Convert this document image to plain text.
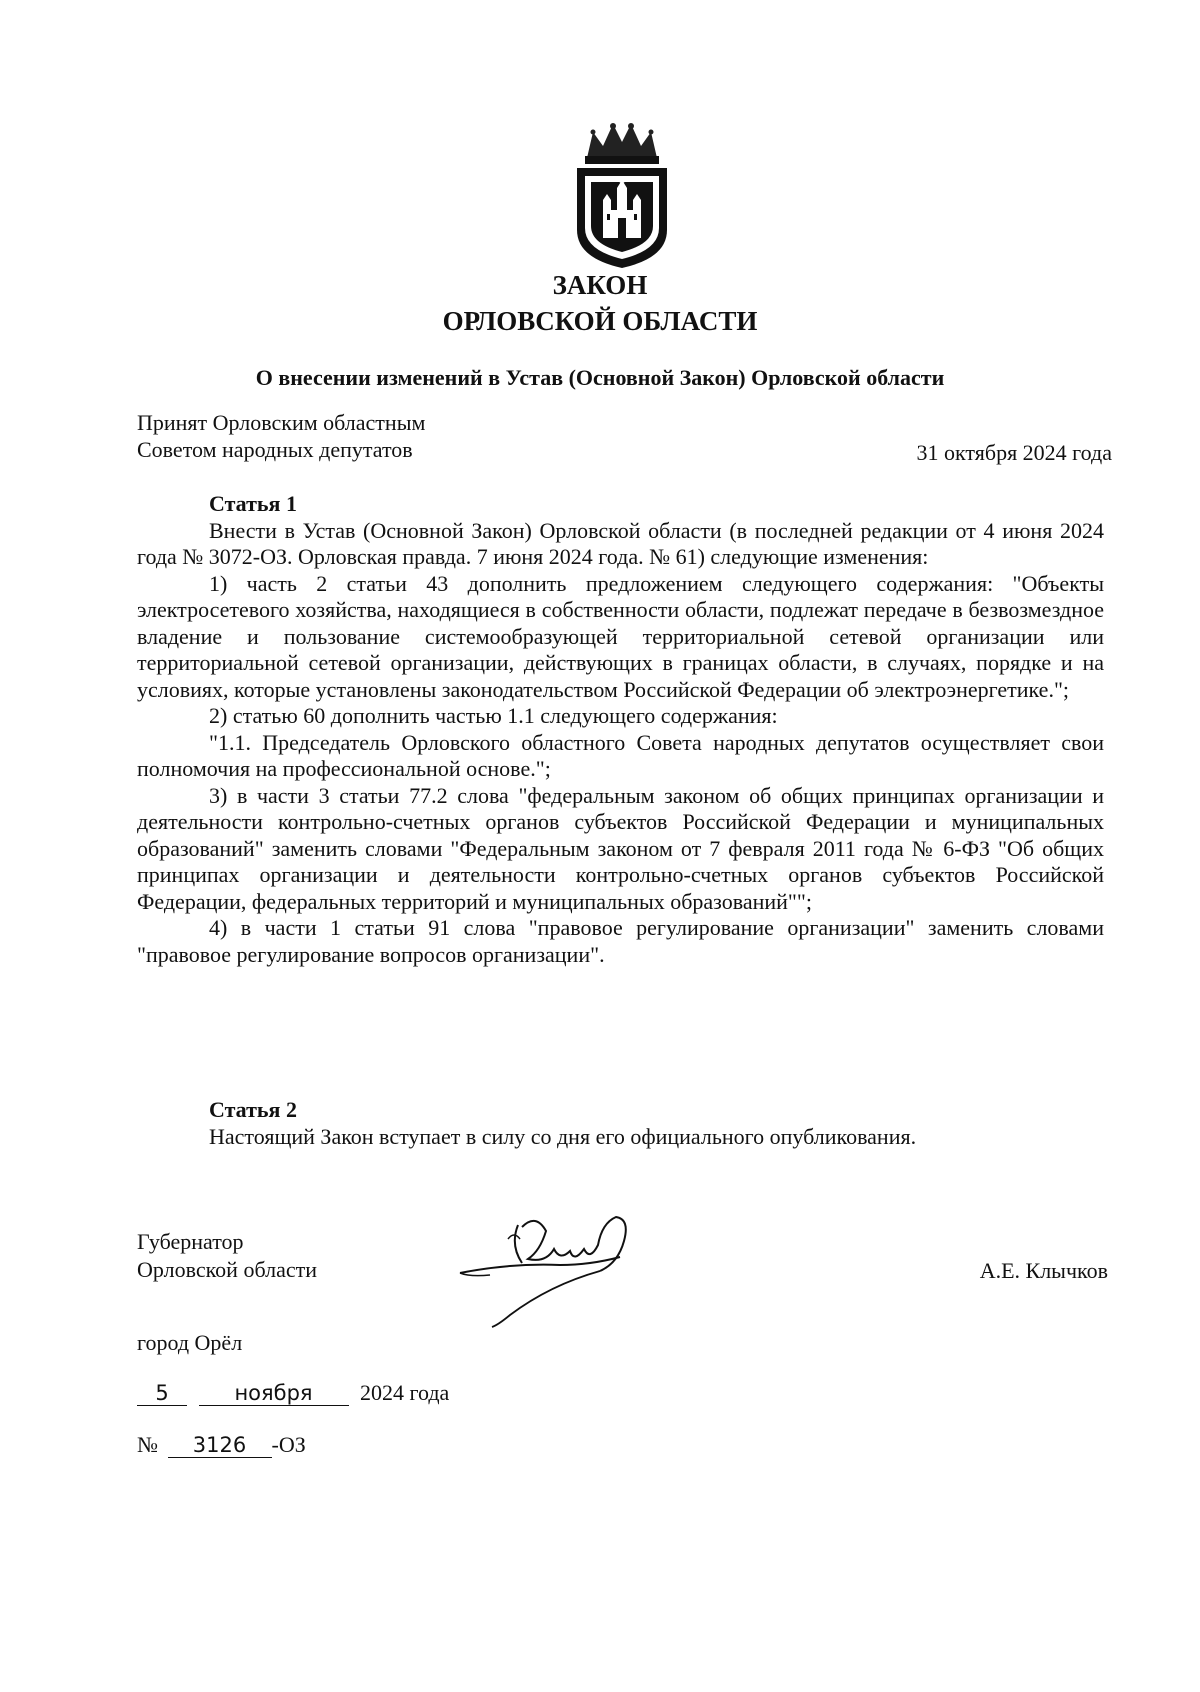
ЗАКОН
ОРЛОВСКОЙ ОБЛАСТИ
О внесении изменений в Устав (Основной Закон) Орловской области
Принят Орловским областным
Советом народных депутатов	31 октября 2024 года

Статья 1

Внести в Устав (Основной Закон) Орловской области (в последней редакции от 4 июня 2024 года № 3072-ОЗ. Орловская правда. 7 июня 2024 года. № 61) следующие изменения:

1) часть 2 статьи 43 дополнить предложением следующего содержания: "Объекты электросетевого хозяйства, находящиеся в собственности области, подлежат передаче в безвозмездное владение и пользование системообразующей территориальной сетевой организации или территориальной сетевой организации, действующих в границах области, в случаях, порядке и на условиях, которые установлены законодательством Российской Федерации об электроэнергетике.";

2) статью 60 дополнить частью 1.1 следующего содержания:

"1.1. Председатель Орловского областного Совета народных депутатов осуществляет свои полномочия на профессиональной основе.";

3) в части 3 статьи 77.2 слова "федеральным законом об общих принципах организации и деятельности контрольно-счетных органов субъектов Российской Федерации и муниципальных образований" заменить словами "Федеральным законом от 7 февраля 2011 года № 6-ФЗ "Об общих принципах организации и деятельности контрольно-счетных органов субъектов Российской Федерации, федеральных территорий и муниципальных образований"";

4) в части 1 статьи 91 слова "правовое регулирование организации" заменить словами "правовое регулирование вопросов организации".

Статья 2

Настоящий Закон вступает в силу со дня его официального опубликования.

Губернатор
Орловской области	А.Е. Клычков
город Орёл
5	ноября 2024 года
№ 3126 -ОЗ
